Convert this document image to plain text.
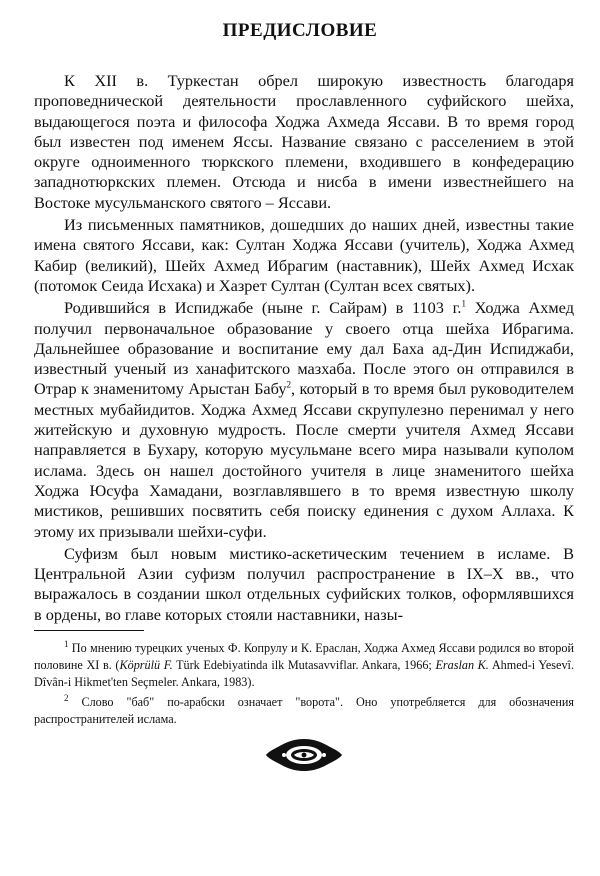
ПРЕДИСЛОВИЕ

К XII в. Туркестан обрел широкую известность благодаря проповеднической деятельности прославленного суфийского шейха, выдающегося поэта и философа Ходжа Ахмеда Яссави. В то время город был известен под именем Яссы. Название связано с расселением в этой округе одноименного тюркского племени, входившего в конфедерацию западнотюркских племен. Отсюда и нисба в имени известнейшего на Востоке мусульманского святого – Яссави.

Из письменных памятников, дошедших до наших дней, известны такие имена святого Яссави, как: Султан Ходжа Яссави (учитель), Ходжа Ахмед Кабир (великий), Шейх Ахмед Ибрагим (наставник), Шейх Ахмед Исхак (потомок Сеида Исхака) и Хазрет Султан (Султан всех святых).

Родившийся в Испиджабе (ныне г. Сайрам) в 1103 г.$^1$ Ходжа Ахмед получил первоначальное образование у своего отца шейха Ибрагима. Дальнейшее образование и воспитание ему дал Баха ад-Дин Испиджаби, известный ученый из ханафитского мазхаба. После этого он отправился в Отрар к знаменитому Арыстан Бабу$^2$, который в то время был руководителем местных мубайидитов. Ходжа Ахмед Яссави скрупулезно перенимал у него житейскую и духовную мудрость. После смерти учителя Ахмед Яссави направляется в Бухару, которую мусульмане всего мира называли куполом ислама. Здесь он нашел достойного учителя в лице знаменитого шейха Ходжа Юсуфа Хамадани, возглавлявшего в то время известную школу мистиков, решивших посвятить себя поиску единения с духом Аллаха. К этому их призывали шейхи-суфи.

Суфизм был новым мистико-аскетическим течением в исламе. В Центральной Азии суфизм получил распространение в IX–X вв., что выражалось в создании школ отдельных суфийских толков, оформлявшихся в ордены, во главе которых стояли наставники, назы-

$^1$ По мнению турецких ученых Ф. Копрулу и К. Ераслан, Ходжа Ахмед Яссави родился во второй половине XI в. (Köprülü F. Türk Edebiyatinda ilk Mutasavviflar. Ankara, 1966; Eraslan K. Ahmed-i Yesevî. Dîvân-i Hikmet'ten Seçmeler. Ankara, 1983).

$^2$ Слово "баб" по-арабски означает "ворота". Оно употребляется для обозначения распространителей ислама.
